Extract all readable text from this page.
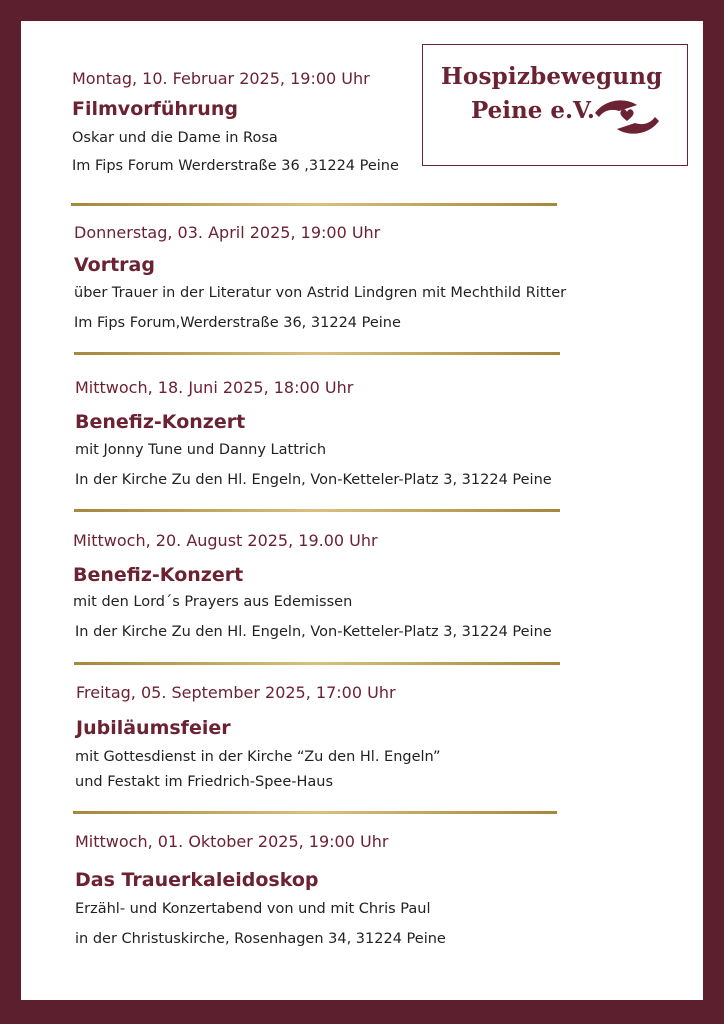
Hospizbewegung
Peine e.V.
Montag, 10. Februar 2025, 19:00 Uhr
Filmvorführung
Oskar und die Dame in Rosa
Im Fips Forum Werderstraße 36 ,31224 Peine
Donnerstag, 03. April 2025, 19:00 Uhr
Vortrag
über Trauer in der Literatur von Astrid Lindgren mit Mechthild Ritter
Im Fips Forum,Werderstraße 36, 31224 Peine
Mittwoch, 18. Juni 2025, 18:00 Uhr
Benefiz-Konzert
mit Jonny Tune und Danny Lattrich
In der Kirche Zu den Hl. Engeln, Von-Ketteler-Platz 3, 31224 Peine
Mittwoch, 20. August 2025, 19.00 Uhr
Benefiz-Konzert
mit den Lord´s Prayers aus Edemissen
In der Kirche Zu den Hl. Engeln, Von-Ketteler-Platz 3, 31224 Peine
Freitag, 05. September 2025, 17:00 Uhr
Jubiläumsfeier
mit Gottesdienst in der Kirche “Zu den Hl. Engeln”
und Festakt im Friedrich-Spee-Haus
Mittwoch, 01. Oktober 2025, 19:00 Uhr
Das Trauerkaleidoskop
Erzähl- und Konzertabend von und mit Chris Paul
in der Christuskirche, Rosenhagen 34, 31224 Peine
